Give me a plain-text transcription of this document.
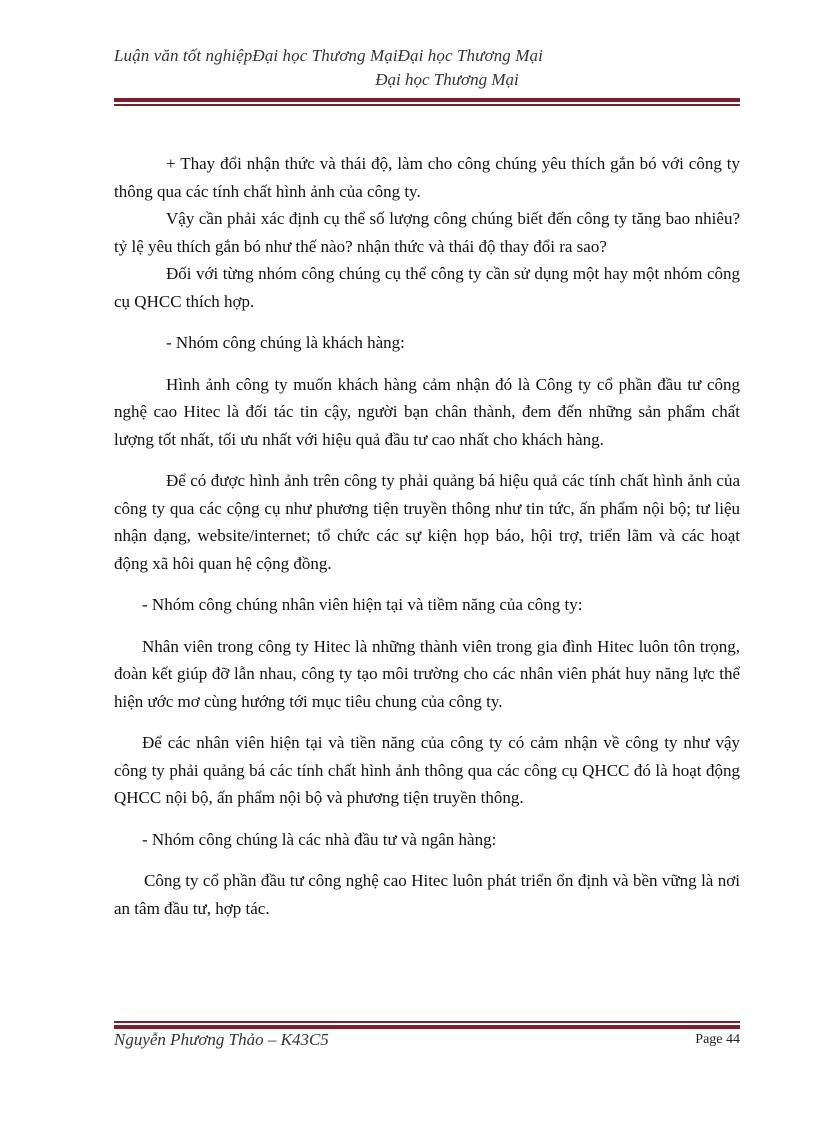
Luận văn tốt nghiệpĐại học Thương MạiĐại học Thương Mại
Đại học Thương Mại

+ Thay đổi nhận thức và thái độ, làm cho công chúng yêu thích gắn bó với công ty thông qua các tính chất hình ảnh của công ty.

Vậy cần phải xác định cụ thể số lượng công chúng biết đến công ty tăng bao nhiêu? tỷ lệ yêu thích gắn bó như thế nào? nhận thức và thái độ thay đổi ra sao?

Đối với từng nhóm công chúng cụ thể công ty cần sử dụng một hay một nhóm công cụ QHCC thích hợp.

- Nhóm công chúng là khách hàng:

Hình ảnh công ty muốn khách hàng cảm nhận đó là Công ty cổ phần đầu tư công nghệ cao Hitec là đối tác tin cậy, người bạn chân thành, đem đến những sản phẩm chất lượng tốt nhất, tối ưu nhất với hiệu quả đầu tư cao nhất cho khách hàng.

Để có được hình ảnh trên công ty phải quảng bá hiệu quả các tính chất hình ảnh của công ty qua các cộng cụ như phương tiện truyền thông như tin tức, ấn phẩm nội bộ; tư liệu nhận dạng, website/internet; tổ chức các sự kiện họp báo, hội trợ, triển lãm và các hoạt động xã hôi quan hệ cộng đồng.

- Nhóm công chúng nhân viên hiện tại và tiềm năng của công ty:

Nhân viên trong công ty Hitec là những thành viên trong gia đình Hitec luôn tôn trọng, đoàn kết giúp đỡ lẫn nhau, công ty tạo môi trường cho các nhân viên phát huy năng lực thể hiện ước mơ cùng hướng tới mục tiêu chung của công ty.

Để các nhân viên hiện tại và tiền năng của công ty có cảm nhận về công ty như vậy công ty phải quảng bá các tính chất hình ảnh thông qua các công cụ QHCC đó là hoạt động QHCC nội bộ, ấn phẩm nội bộ và phương tiện truyền thông.

- Nhóm công chúng là các nhà đầu tư và ngân hàng:

Công ty cổ phần đầu tư công nghệ cao Hitec luôn phát triển ổn định và bền vững là nơi an tâm đầu tư, hợp tác.

Nguyễn Phương Thảo – K43C5	Page 44
